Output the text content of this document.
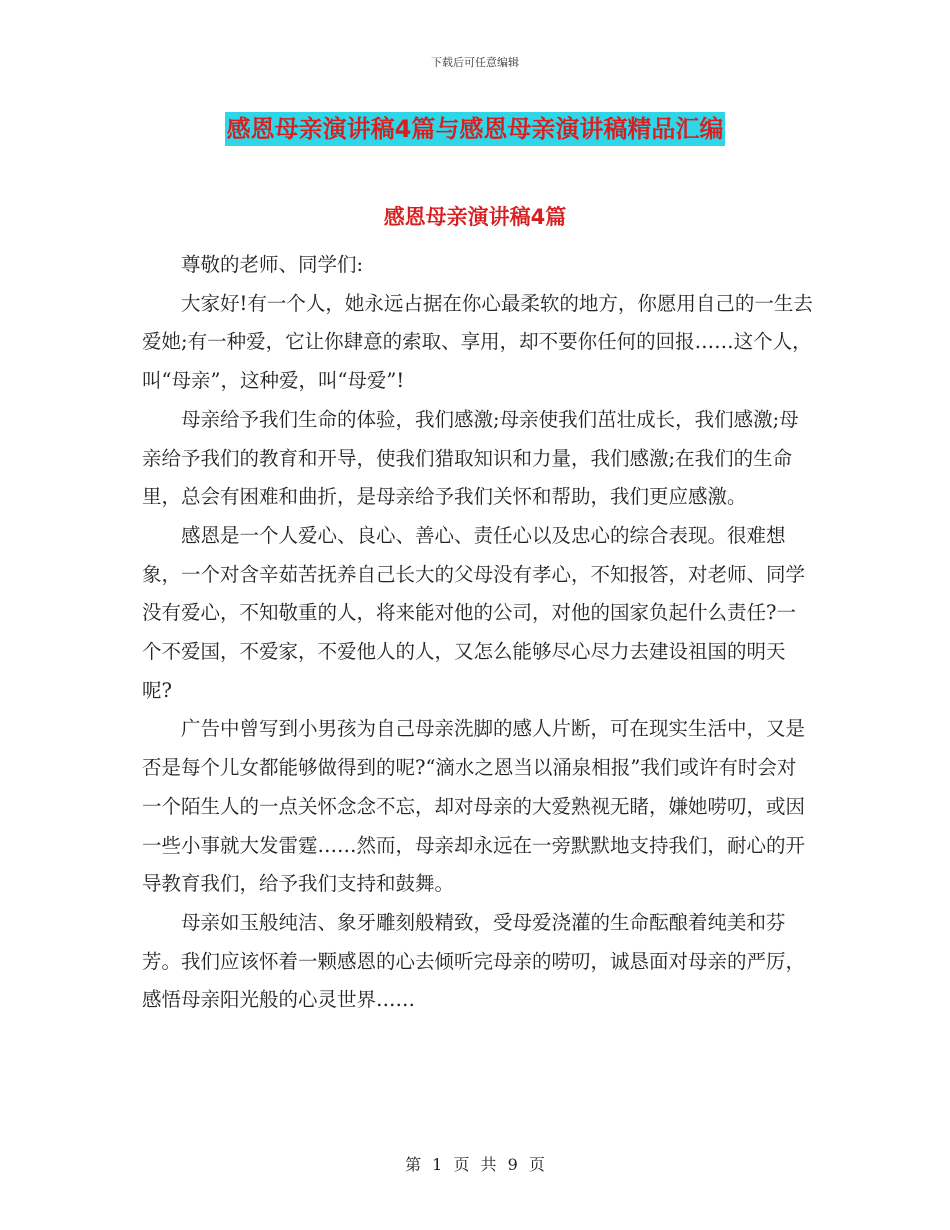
下载后可任意编辑
感恩母亲演讲稿4篇与感恩母亲演讲稿精品汇编
感恩母亲演讲稿4篇

尊敬的老师、同学们:

大家好!有一个人，她永远占据在你心最柔软的地方，你愿用自己的一生去爱她;有一种爱，它让你肆意的索取、享用，却不要你任何的回报……这个人，叫“母亲”，这种爱，叫“母爱”!

母亲给予我们生命的体验，我们感激;母亲使我们茁壮成长，我们感激;母亲给予我们的教育和开导，使我们猎取知识和力量，我们感激;在我们的生命里，总会有困难和曲折，是母亲给予我们关怀和帮助，我们更应感激。

感恩是一个人爱心、良心、善心、责任心以及忠心的综合表现。很难想象，一个对含辛茹苦抚养自己长大的父母没有孝心，不知报答，对老师、同学没有爱心，不知敬重的人，将来能对他的公司，对他的国家负起什么责任?一个不爱国，不爱家，不爱他人的人，又怎么能够尽心尽力去建设祖国的明天呢?

广告中曾写到小男孩为自己母亲洗脚的感人片断，可在现实生活中，又是否是每个儿女都能够做得到的呢?“滴水之恩当以涌泉相报”我们或许有时会对一个陌生人的一点关怀念念不忘，却对母亲的大爱熟视无睹，嫌她唠叨，或因一些小事就大发雷霆……然而，母亲却永远在一旁默默地支持我们，耐心的开导教育我们，给予我们支持和鼓舞。

母亲如玉般纯洁、象牙雕刻般精致，受母爱浇灌的生命酝酿着纯美和芬芳。我们应该怀着一颗感恩的心去倾听完母亲的唠叨，诚恳面对母亲的严厉，感悟母亲阳光般的心灵世界……

第 1 页 共 9 页
